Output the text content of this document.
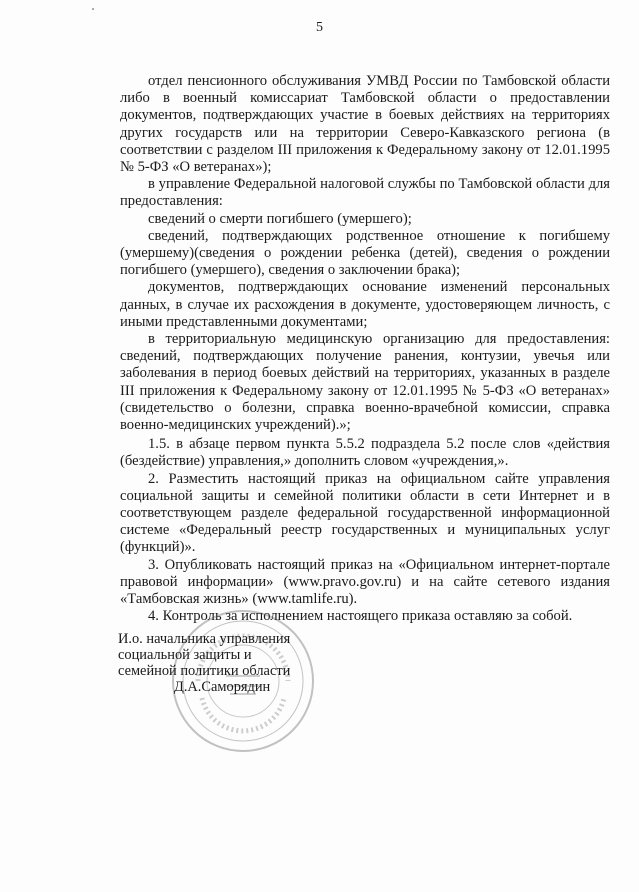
5

отдел пенсионного обслуживания УМВД России по Тамбовской области либо в военный комиссариат Тамбовской области о предоставлении документов, подтверждающих участие в боевых действиях на территориях других государств или на территории Северо-Кавказского региона (в соответствии с разделом III приложения к Федеральному закону от 12.01.1995 № 5-ФЗ «О ветеранах»);

в управление Федеральной налоговой службы по Тамбовской области для предоставления:

сведений о смерти погибшего (умершего);

сведений, подтверждающих родственное отношение к погибшему (умершему)(сведения о рождении ребенка (детей), сведения о рождении погибшего (умершего), сведения о заключении брака);

документов, подтверждающих основание изменений персональных данных, в случае их расхождения в документе, удостоверяющем личность, с иными представленными документами;

в территориальную медицинскую организацию для предоставления: сведений, подтверждающих получение ранения, контузии, увечья или заболевания в период боевых действий на территориях, указанных в разделе III приложения к Федеральному закону от 12.01.1995 № 5-ФЗ «О ветеранах» (свидетельство о болезни, справка военно-врачебной комиссии, справка военно-медицинских учреждений).»;

1.5. в абзаце первом пункта 5.5.2 подраздела 5.2 после слов «действия (бездействие) управления,» дополнить словом «учреждения,».

2. Разместить настоящий приказ на официальном сайте управления социальной защиты и семейной политики области в сети Интернет и в соответствующем разделе федеральной государственной информационной системе «Федеральный реестр государственных и муниципальных услуг (функций)».

3. Опубликовать настоящий приказ на «Официальном интернет-портале правовой информации» (www.pravo.gov.ru) и на сайте сетевого издания «Тамбовская жизнь» (www.tamlife.ru).

4. Контроль за исполнением настоящего приказа оставляю за собой.

И.о. начальника управления
социальной защиты и
семейной политики области
Д.А.Саморядин
